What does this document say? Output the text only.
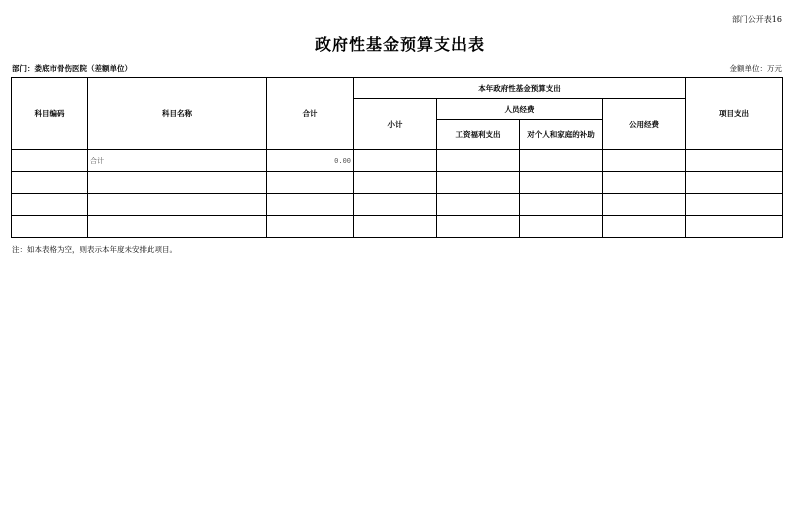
部门公开表16
政府性基金预算支出表
部门：娄底市骨伤医院（差额单位）	金额单位：万元
科目编码	科目名称	合计	本年政府性基金预算支出				项目支出
			小计	人员经费		公用经费	
				工资福利支出	对个人和家庭的补助		
	合计	0.00					

注：如本表格为空，则表示本年度未安排此项目。
